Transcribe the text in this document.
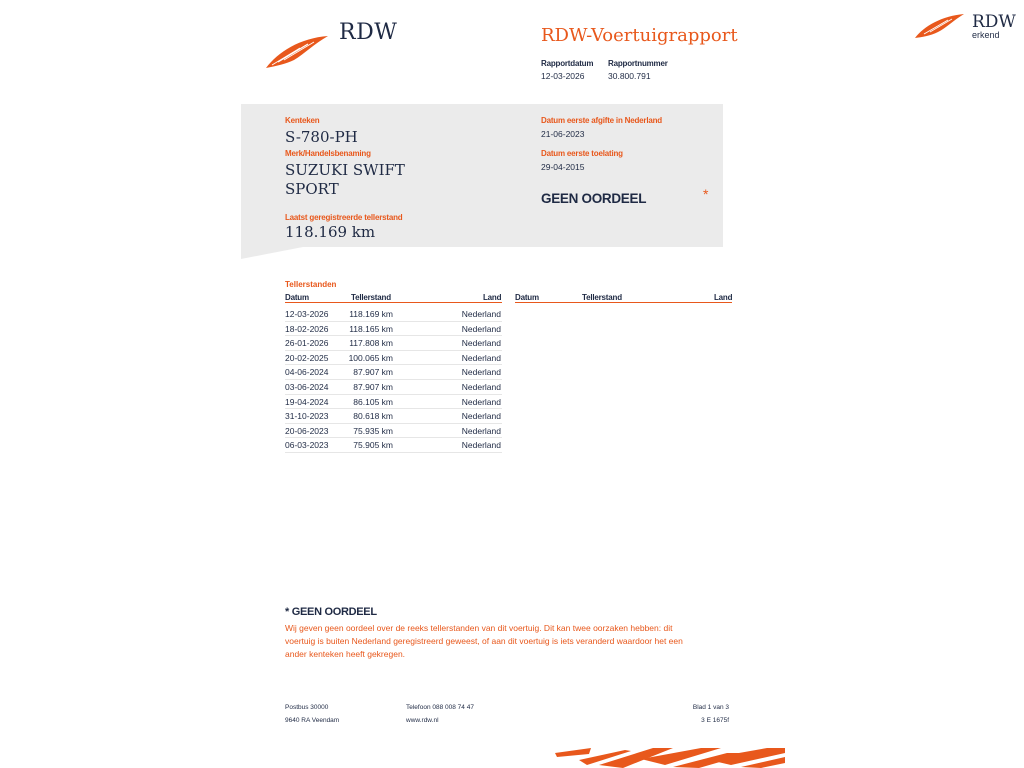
RDW	RDW
erkend
RDW-Voertuigrapport
Rapportdatum
12-03-2026
Rapportnummer
30.800.791
Kenteken
S-780-PH
Merk/Handelsbenaming
SUZUKI SWIFT
SPORT
Laatst geregistreerde tellerstand
118.169 km
Datum eerste afgifte in Nederland
21-06-2023
Datum eerste toelating
29-04-2015
GEEN OORDEEL	*
Tellerstanden
Datum	Tellerstand	Land Datum	Tellerstand	Land
12-03-2026 118.169 km	Nederland
18-02-2026 118.165 km	Nederland
26-01-2026 117.808 km	Nederland
20-02-2025 100.065 km	Nederland
04-06-2024	87.907 km	Nederland
03-06-2024	87.907 km	Nederland
19-04-2024	86.105 km	Nederland
31-10-2023	80.618 km	Nederland
20-06-2023	75.935 km	Nederland
06-03-2023	75.905 km	Nederland
* GEEN OORDEEL
Wij geven geen oordeel over de reeks tellerstanden van dit voertuig. Dit kan twee oorzaken hebben: dit voertuig is buiten Nederland geregistreerd geweest, of aan dit voertuig is iets veranderd waardoor het een ander kenteken heeft gekregen.
Postbus 30000
9640 RA Veendam
Telefoon 088 008 74 47
www.rdw.nl
Blad 1 van 3
3 E 1675f
